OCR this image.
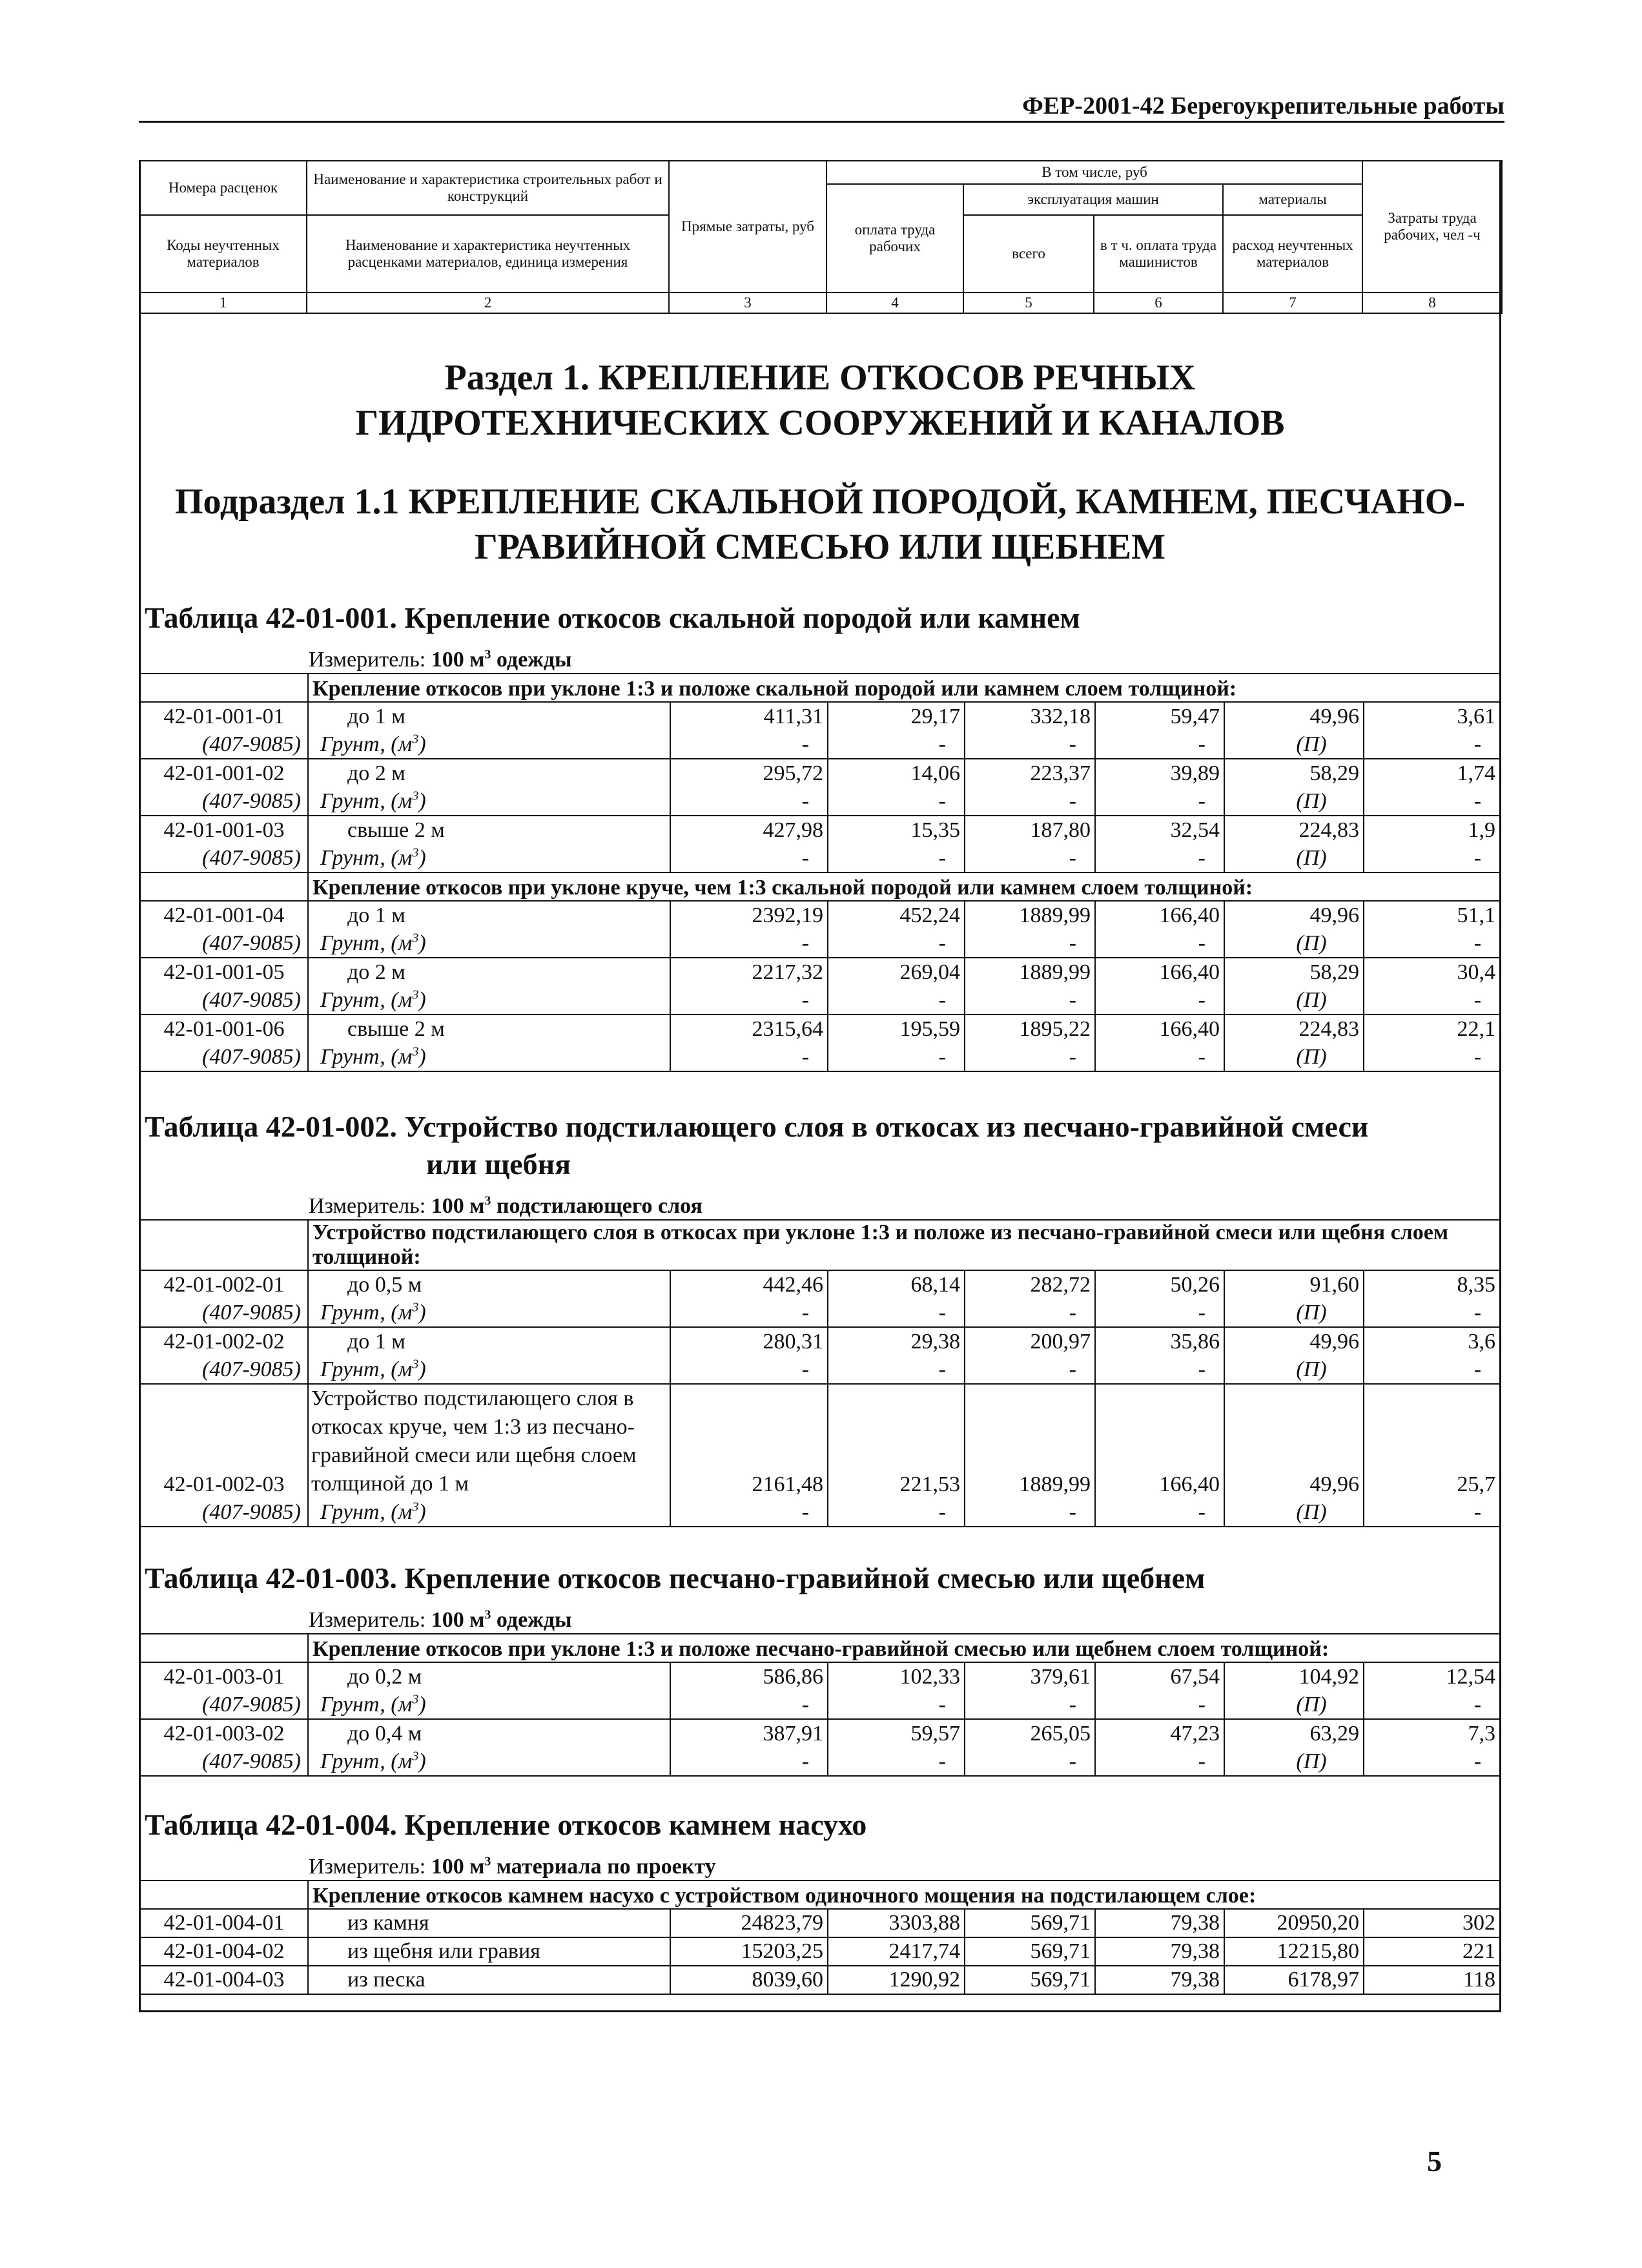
ФЕР-2001-42 Берегоукрепительные работы
Номера расценок	Наименование и характеристика строительных работ и конструкций	Прямые затраты, руб	В том числе, руб				Затраты труда рабочих, чел -ч
			оплата труда рабочих	эксплуатация машин		материалы	
Коды неучтенных материалов	Наименование и характеристика неучтенных расценками материалов, единица измерения			всего	в т ч. оплата труда машинистов	расход неучтенных материалов	

1	2	3	4	5	6	7	8
Раздел 1. КРЕПЛЕНИЕ ОТКОСОВ РЕЧНЫХ ГИДРОТЕХНИЧЕСКИХ СООРУЖЕНИЙ И КАНАЛОВ
Подраздел 1.1 КРЕПЛЕНИЕ СКАЛЬНОЙ ПОРОДОЙ, КАМНЕМ, ПЕСЧАНО-ГРАВИЙНОЙ СМЕСЬЮ ИЛИ ЩЕБНЕМ
Таблица 42-01-001. Крепление откосов скальной породой или камнем
Измеритель: 100 $м^3$ одежды
	Крепление откосов при уклоне 1:3 и положе скальной породой или камнем слоем толщиной:						
42-01-001-01	до 1 м	411,31	29,17	332,18	59,47	49,96	3,61
(407-9085)	Грунт, $(м^3)$	-	-	-	-	(П)	-
42-01-001-02	до 2 м	295,72	14,06	223,37	39,89	58,29	1,74
(407-9085)	Грунт, $(м^3)$	-	-	-	-	(П)	-
42-01-001-03	свыше 2 м	427,98	15,35	187,80	32,54	224,83	1,9
(407-9085)	Грунт, $(м^3)$	-	-	-	-	(П)	-
	Крепление откосов при уклоне круче, чем 1:3 скальной породой или камнем слоем толщиной:						
42-01-001-04	до 1 м	2392,19	452,24	1889,99	166,40	49,96	51,1
(407-9085)	Грунт, $(м^3)$	-	-	-	-	(П)	-
42-01-001-05	до 2 м	2217,32	269,04	1889,99	166,40	58,29	30,4
(407-9085)	Грунт, $(м^3)$	-	-	-	-	(П)	-
42-01-001-06	свыше 2 м	2315,64	195,59	1895,22	166,40	224,83	22,1
(407-9085)	Грунт, $(м^3)$	-	-	-	-	(П)	-
Таблица 42-01-002. Устройство подстилающего слоя в откосах из песчано-гравийной смеси
или щебня
Измеритель: 100 $м^3$ подстилающего слоя
	Устройство подстилающего слоя в откосах при уклоне 1:3 и положе из песчано-гравийной смеси или щебня слоем толщиной:						
42-01-002-01	до 0,5 м	442,46	68,14	282,72	50,26	91,60	8,35
(407-9085)	Грунт, $(м^3)$	-	-	-	-	(П)	-
42-01-002-02	до 1 м	280,31	29,38	200,97	35,86	49,96	3,6
(407-9085)	Грунт, $(м^3)$	-	-	-	-	(П)	-
42-01-002-03	Устройство подстилающего слоя в откосах круче, чем 1:3 из песчано-гравийной смеси или щебня слоем толщиной до 1 м	2161,48	221,53	1889,99	166,40	49,96	25,7
(407-9085)	Грунт, $(м^3)$	-	-	-	-	(П)	-
Таблица 42-01-003. Крепление откосов песчано-гравийной смесью или щебнем
Измеритель: 100 $м^3$ одежды
	Крепление откосов при уклоне 1:3 и положе песчано-гравийной смесью или щебнем слоем толщиной:						
42-01-003-01	до 0,2 м	586,86	102,33	379,61	67,54	104,92	12,54
(407-9085)	Грунт, $(м^3)$	-	-	-	-	(П)	-
42-01-003-02	до 0,4 м	387,91	59,57	265,05	47,23	63,29	7,3
(407-9085)	Грунт, $(м^3)$	-	-	-	-	(П)	-
Таблица 42-01-004. Крепление откосов камнем насухо
Измеритель: 100 $м^3$ материала по проекту
	Крепление откосов камнем насухо с устройством одиночного мощения на подстилающем слое:						
42-01-004-01	из камня	24823,79	3303,88	569,71	79,38	20950,20	302
42-01-004-02	из щебня или гравия	15203,25	2417,74	569,71	79,38	12215,80	221
42-01-004-03	из песка	8039,60	1290,92	569,71	79,38	6178,97	118
5
